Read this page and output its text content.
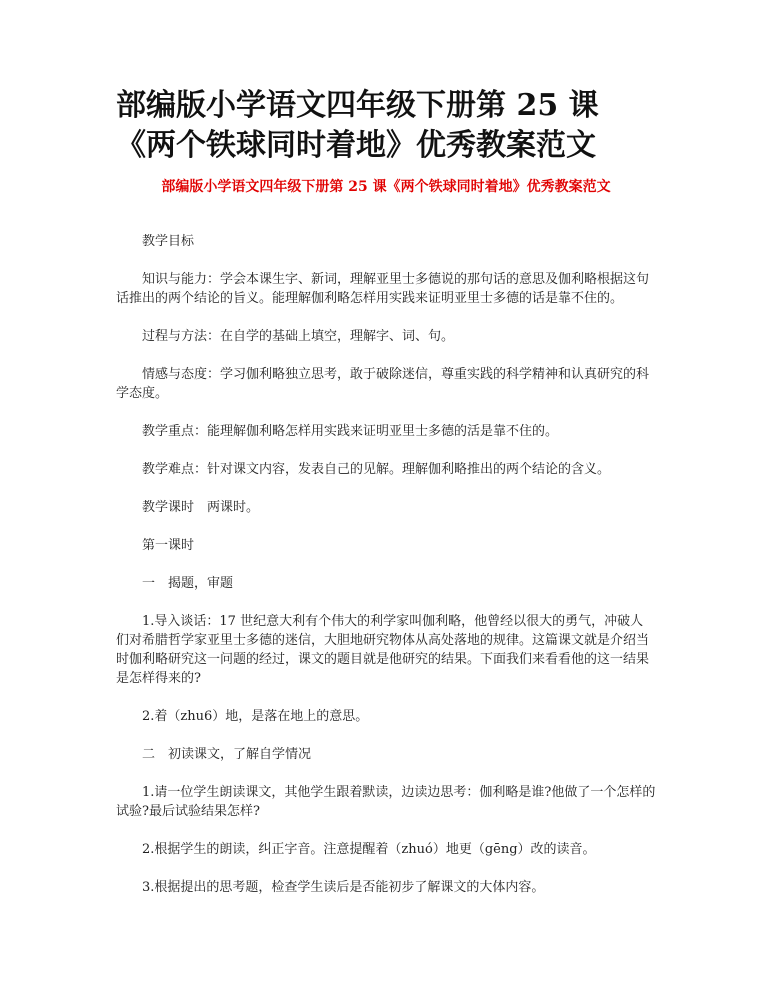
部编版小学语文四年级下册第 25 课
《两个铁球同时着地》优秀教案范文

部编版小学语文四年级下册第 25 课《两个铁球同时着地》优秀教案范文

教学目标

知识与能力：学会本课生字、新词，理解亚里士多德说的那句话的意思及伽利略根据这句话推出的两个结论的旨义。能理解伽利略怎样用实践来证明亚里士多德的话是靠不住的。

过程与方法：在自学的基础上填空，理解字、词、句。

情感与态度：学习伽利略独立思考，敢于破除迷信，尊重实践的科学精神和认真研究的科学态度。

教学重点：能理解伽利略怎样用实践来证明亚里士多德的活是靠不住的。

教学难点：针对课文内容，发表自己的见解。理解伽利略推出的两个结论的含义。

教学课时　两课时。

第一课时

一　揭题，审题

1.导入谈话：17 世纪意大利有个伟大的利学家叫伽利略，他曾经以很大的勇气，冲破人们对希腊哲学家亚里士多德的迷信，大胆地研究物体从高处落地的规律。这篇课文就是介绍当时伽利略研究这一问题的经过，课文的题目就是他研究的结果。下面我们来看看他的这一结果是怎样得来的?

2.着（zhu6）地，是落在地上的意思。

二　初读课文，了解自学情况

1.请一位学生朗读课文，其他学生跟着默读，边读边思考：伽利略是谁?他做了一个怎样的试验?最后试验结果怎样?

2.根据学生的朗读，纠正字音。注意提醒着（zhuó）地更（gēng）改的读音。

3.根据提出的思考题，检查学生读后是否能初步了解课文的大体内容。
